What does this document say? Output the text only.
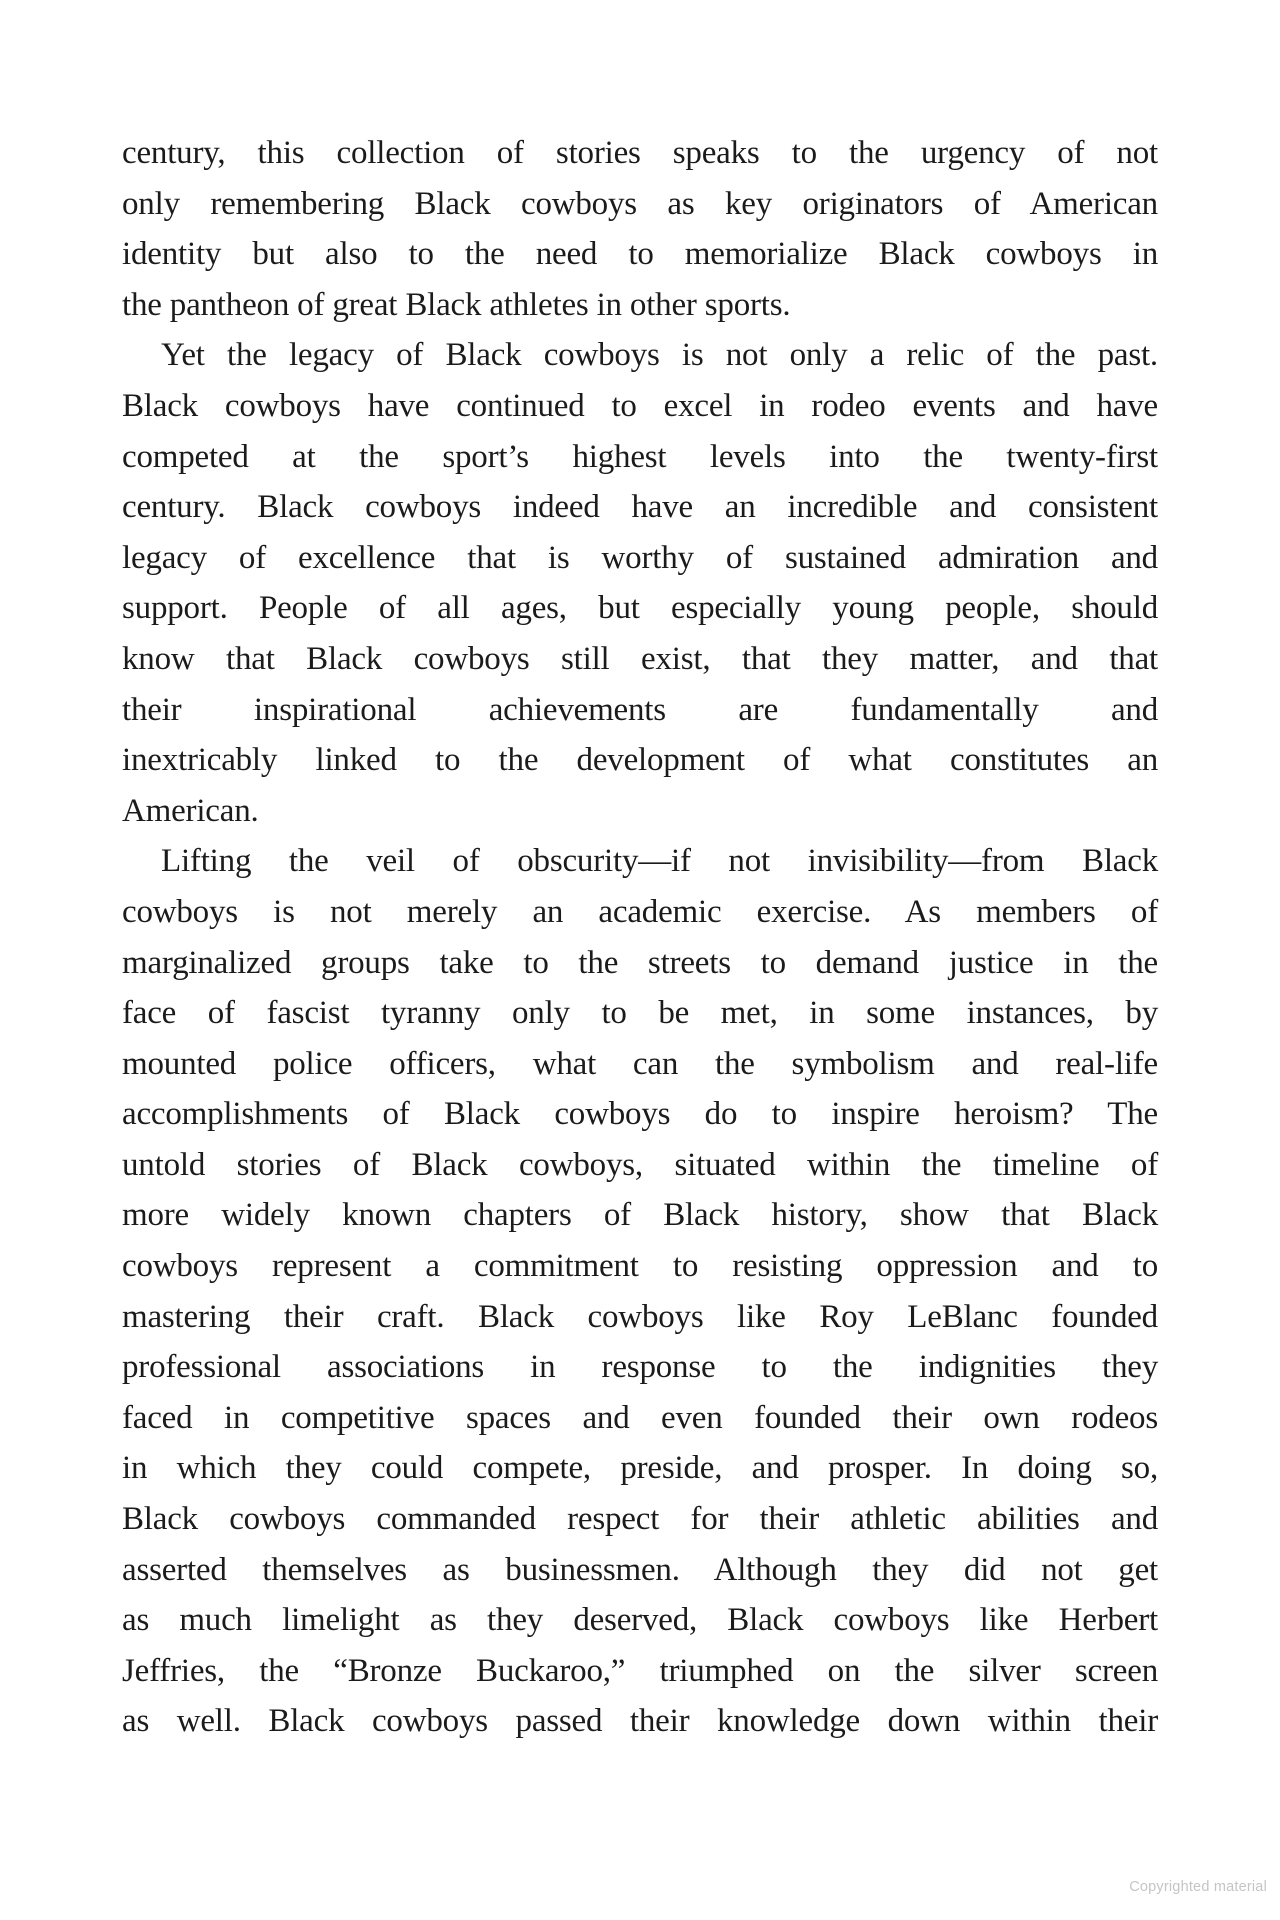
century, this collection of stories speaks to the urgency of not
only remembering Black cowboys as key originators of American
identity but also to the need to memorialize Black cowboys in
the pantheon of great Black athletes in other sports.
Yet the legacy of Black cowboys is not only a relic of the past.
Black cowboys have continued to excel in rodeo events and have
competed at the sport’s highest levels into the twenty-first
century. Black cowboys indeed have an incredible and consistent
legacy of excellence that is worthy of sustained admiration and
support. People of all ages, but especially young people, should
know that Black cowboys still exist, that they matter, and that
their inspirational achievements are fundamentally and
inextricably linked to the development of what constitutes an
American.
Lifting the veil of obscurity—if not invisibility—from Black
cowboys is not merely an academic exercise. As members of
marginalized groups take to the streets to demand justice in the
face of fascist tyranny only to be met, in some instances, by
mounted police officers, what can the symbolism and real-life
accomplishments of Black cowboys do to inspire heroism? The
untold stories of Black cowboys, situated within the timeline of
more widely known chapters of Black history, show that Black
cowboys represent a commitment to resisting oppression and to
mastering their craft. Black cowboys like Roy LeBlanc founded
professional associations in response to the indignities they
faced in competitive spaces and even founded their own rodeos
in which they could compete, preside, and prosper. In doing so,
Black cowboys commanded respect for their athletic abilities and
asserted themselves as businessmen. Although they did not get
as much limelight as they deserved, Black cowboys like Herbert
Jeffries, the “Bronze Buckaroo,” triumphed on the silver screen
as well. Black cowboys passed their knowledge down within their
Copyrighted material
